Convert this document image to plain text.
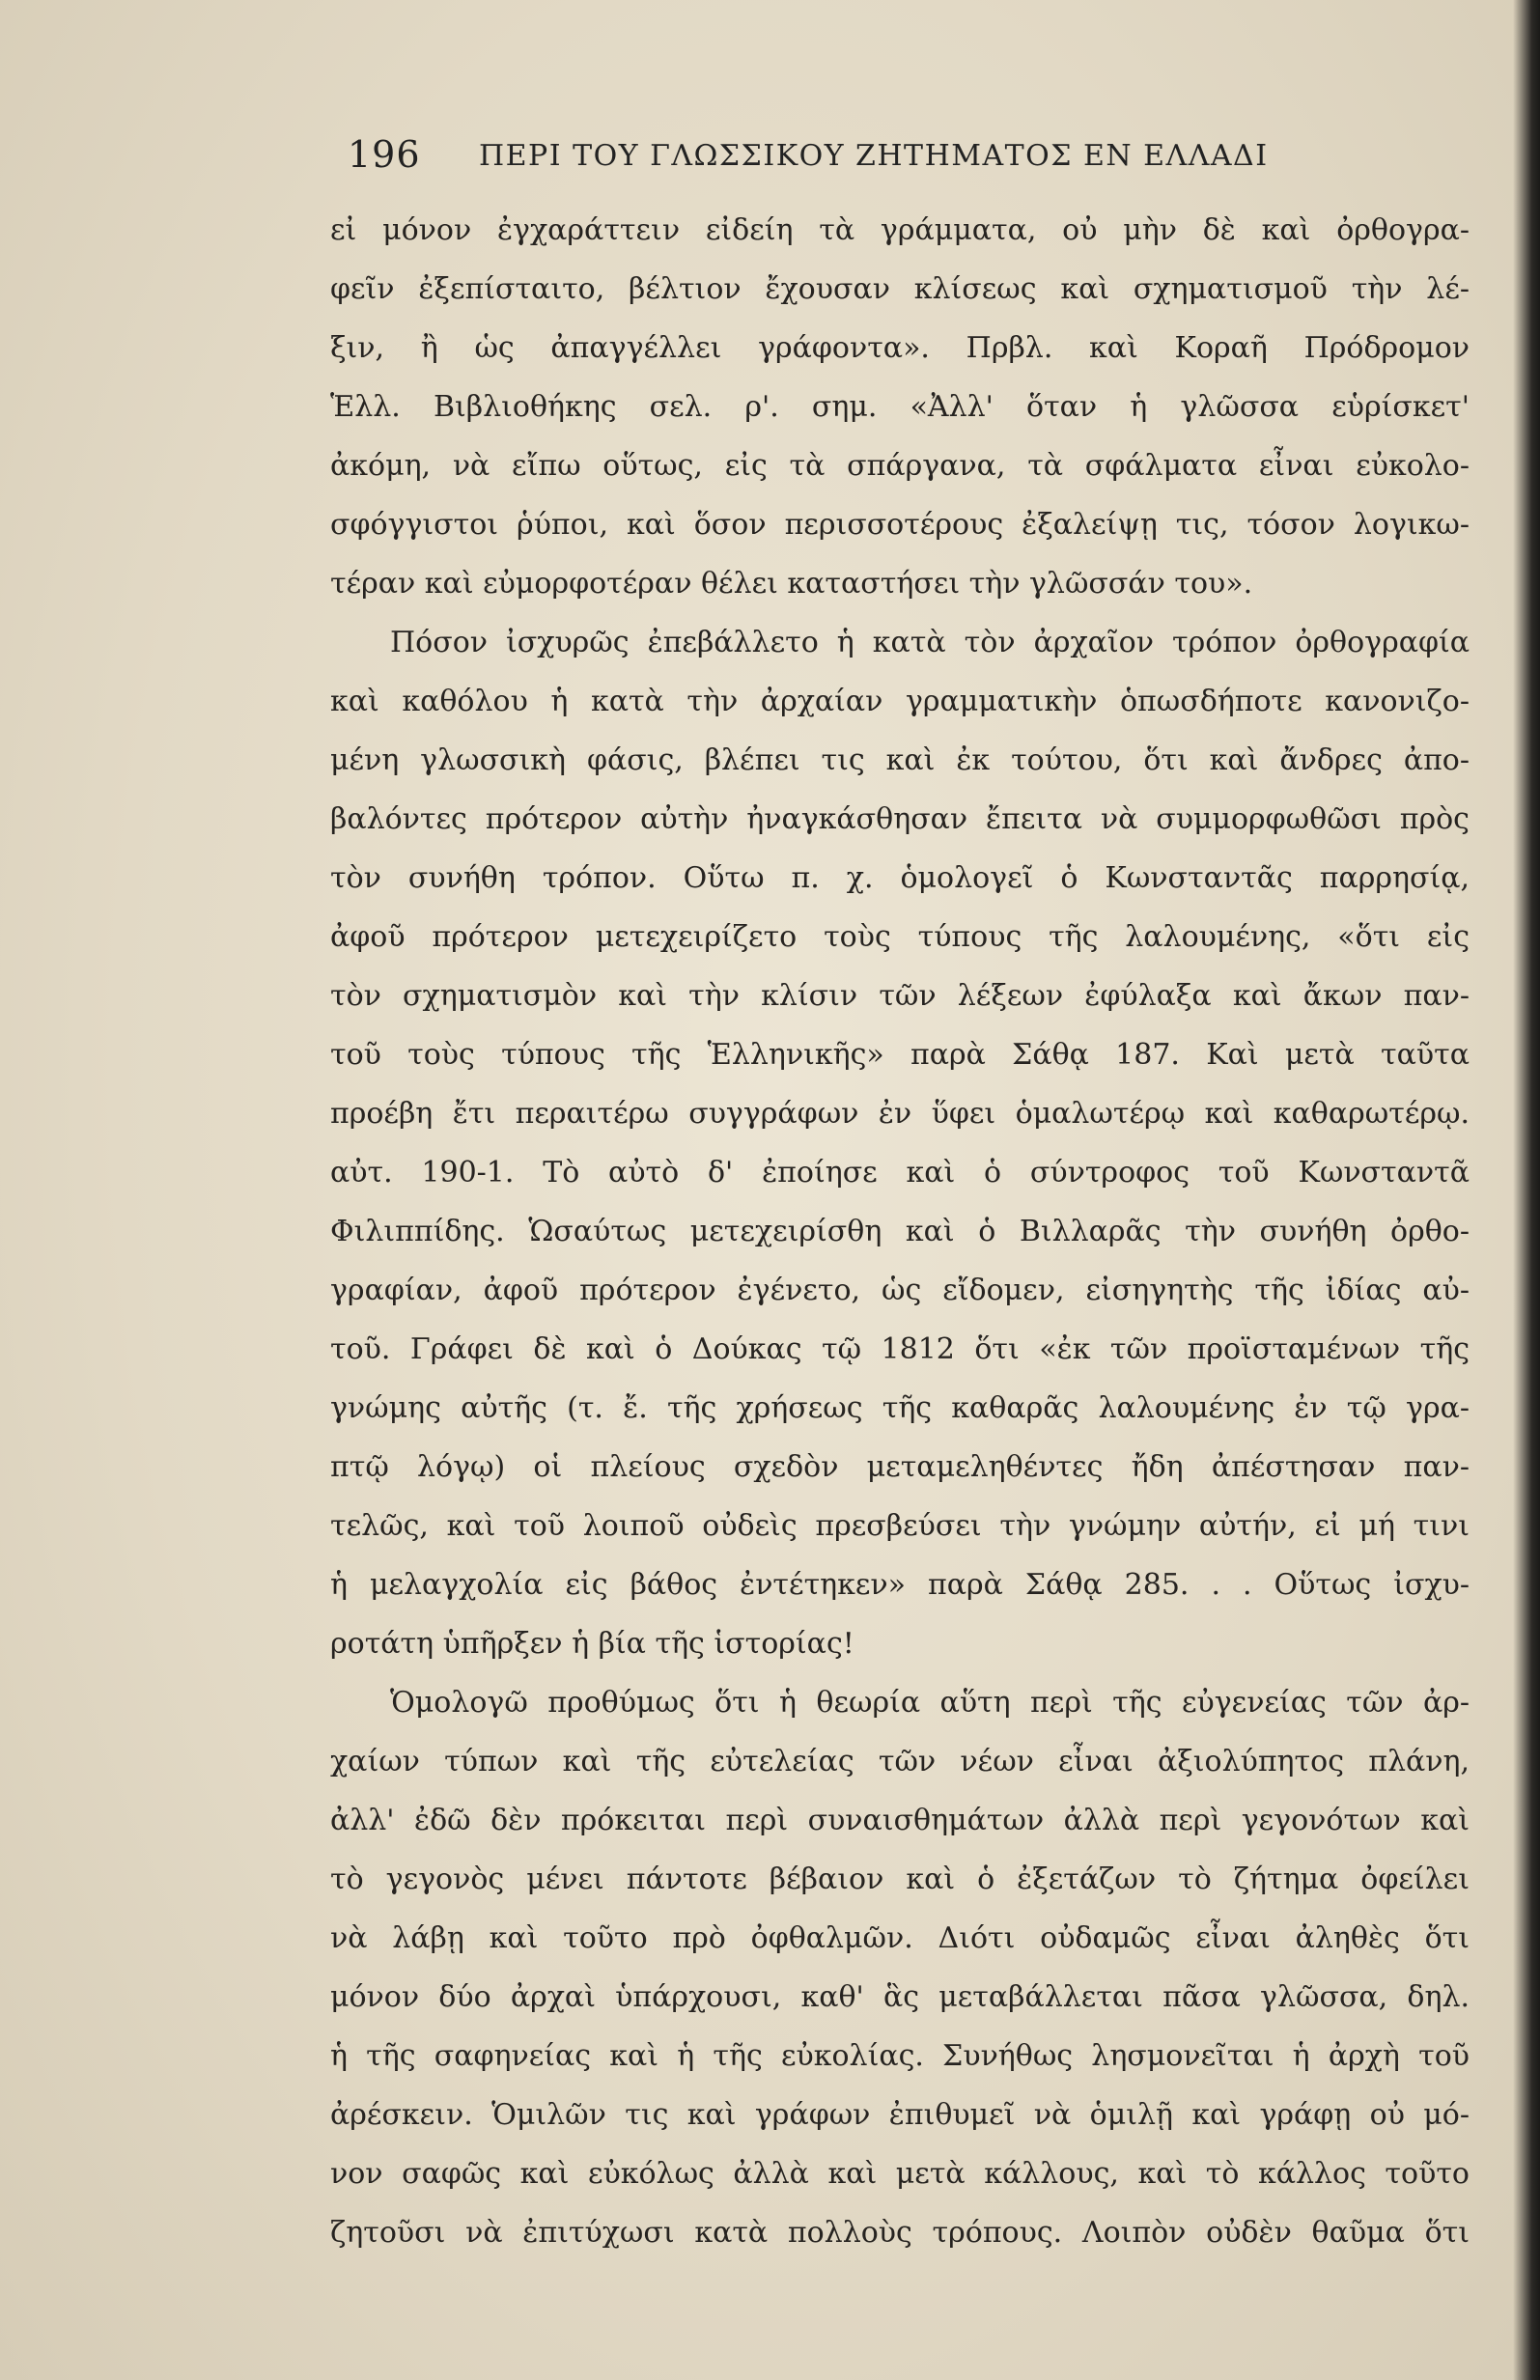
196 ΠΕΡΙ ΤΟΥ ΓΛΩΣΣΙΚΟΥ ΖΗΤΗΜΑΤΟΣ ΕΝ ΕΛΛΑΔΙ
εἰ μόνον ἐγχαράττειν εἰδείη τὰ γράμματα, οὐ μὴν δὲ καὶ ὀρθογρα-
φεῖν ἐξεπίσταιτο, βέλτιον ἔχουσαν κλίσεως καὶ σχηματισμοῦ τὴν λέ-
ξιν, ἢ ὡς ἀπαγγέλλει γράφοντα». Πρβλ. καὶ Κοραῆ Πρόδρομον
Ἑλλ. Βιβλιοθήκης σελ. ρ'. σημ. «Ἀλλ' ὅταν ἡ γλῶσσα εὑρίσκετ'
ἀκόμη, νὰ εἴπω οὕτως, εἰς τὰ σπάργανα, τὰ σφάλματα εἶναι εὐκολο-
σφόγγιστοι ῥύποι, καὶ ὅσον περισσοτέρους ἐξαλείψῃ τις, τόσον λογικω-
τέραν καὶ εὐμορφοτέραν θέλει καταστήσει τὴν γλῶσσάν του».
Πόσον ἰσχυρῶς ἐπεβάλλετο ἡ κατὰ τὸν ἀρχαῖον τρόπον ὀρθογραφία
καὶ καθόλου ἡ κατὰ τὴν ἀρχαίαν γραμματικὴν ὁπωσδήποτε κανονιζο-
μένη γλωσσικὴ φάσις, βλέπει τις καὶ ἐκ τούτου, ὅτι καὶ ἄνδρες ἀπο-
βαλόντες πρότερον αὐτὴν ἠναγκάσθησαν ἔπειτα νὰ συμμορφωθῶσι πρὸς
τὸν συνήθη τρόπον. Οὕτω π. χ. ὁμολογεῖ ὁ Κωνσταντᾶς παρρησίᾳ,
ἀφοῦ πρότερον μετεχειρίζετο τοὺς τύπους τῆς λαλουμένης, «ὅτι εἰς
τὸν σχηματισμὸν καὶ τὴν κλίσιν τῶν λέξεων ἐφύλαξα καὶ ἄκων παν-
τοῦ τοὺς τύπους τῆς Ἑλληνικῆς» παρὰ Σάθᾳ 187. Καὶ μετὰ ταῦτα
προέβη ἔτι περαιτέρω συγγράφων ἐν ὕφει ὁμαλωτέρῳ καὶ καθαρωτέρῳ.
αὐτ. 190-1. Τὸ αὐτὸ δ' ἐποίησε καὶ ὁ σύντροφος τοῦ Κωνσταντᾶ
Φιλιππίδης. Ὡσαύτως μετεχειρίσθη καὶ ὁ Βιλλαρᾶς τὴν συνήθη ὀρθο-
γραφίαν, ἀφοῦ πρότερον ἐγένετο, ὡς εἴδομεν, εἰσηγητὴς τῆς ἰδίας αὐ-
τοῦ. Γράφει δὲ καὶ ὁ Δούκας τῷ 1812 ὅτι «ἐκ τῶν προϊσταμένων τῆς
γνώμης αὐτῆς (τ. ἔ. τῆς χρήσεως τῆς καθαρᾶς λαλουμένης ἐν τῷ γρα-
πτῷ λόγῳ) οἱ πλείους σχεδὸν μεταμεληθέντες ἤδη ἀπέστησαν παν-
τελῶς, καὶ τοῦ λοιποῦ οὐδεὶς πρεσβεύσει τὴν γνώμην αὐτήν, εἰ μή τινι
ἡ μελαγχολία εἰς βάθος ἐντέτηκεν» παρὰ Σάθᾳ 285. . . Οὕτως ἰσχυ-
ροτάτη ὑπῆρξεν ἡ βία τῆς ἱστορίας!
Ὁμολογῶ προθύμως ὅτι ἡ θεωρία αὕτη περὶ τῆς εὐγενείας τῶν ἀρ-
χαίων τύπων καὶ τῆς εὐτελείας τῶν νέων εἶναι ἀξιολύπητος πλάνη,
ἀλλ' ἐδῶ δὲν πρόκειται περὶ συναισθημάτων ἀλλὰ περὶ γεγονότων καὶ
τὸ γεγονὸς μένει πάντοτε βέβαιον καὶ ὁ ἐξετάζων τὸ ζήτημα ὀφείλει
νὰ λάβῃ καὶ τοῦτο πρὸ ὀφθαλμῶν. Διότι οὐδαμῶς εἶναι ἀληθὲς ὅτι
μόνον δύο ἀρχαὶ ὑπάρχουσι, καθ' ἃς μεταβάλλεται πᾶσα γλῶσσα, δηλ.
ἡ τῆς σαφηνείας καὶ ἡ τῆς εὐκολίας. Συνήθως λησμονεῖται ἡ ἀρχὴ τοῦ
ἀρέσκειν. Ὁμιλῶν τις καὶ γράφων ἐπιθυμεῖ νὰ ὁμιλῇ καὶ γράφῃ οὐ μό-
νον σαφῶς καὶ εὐκόλως ἀλλὰ καὶ μετὰ κάλλους, καὶ τὸ κάλλος τοῦτο
ζητοῦσι νὰ ἐπιτύχωσι κατὰ πολλοὺς τρόπους. Λοιπὸν οὐδὲν θαῦμα ὅτι
